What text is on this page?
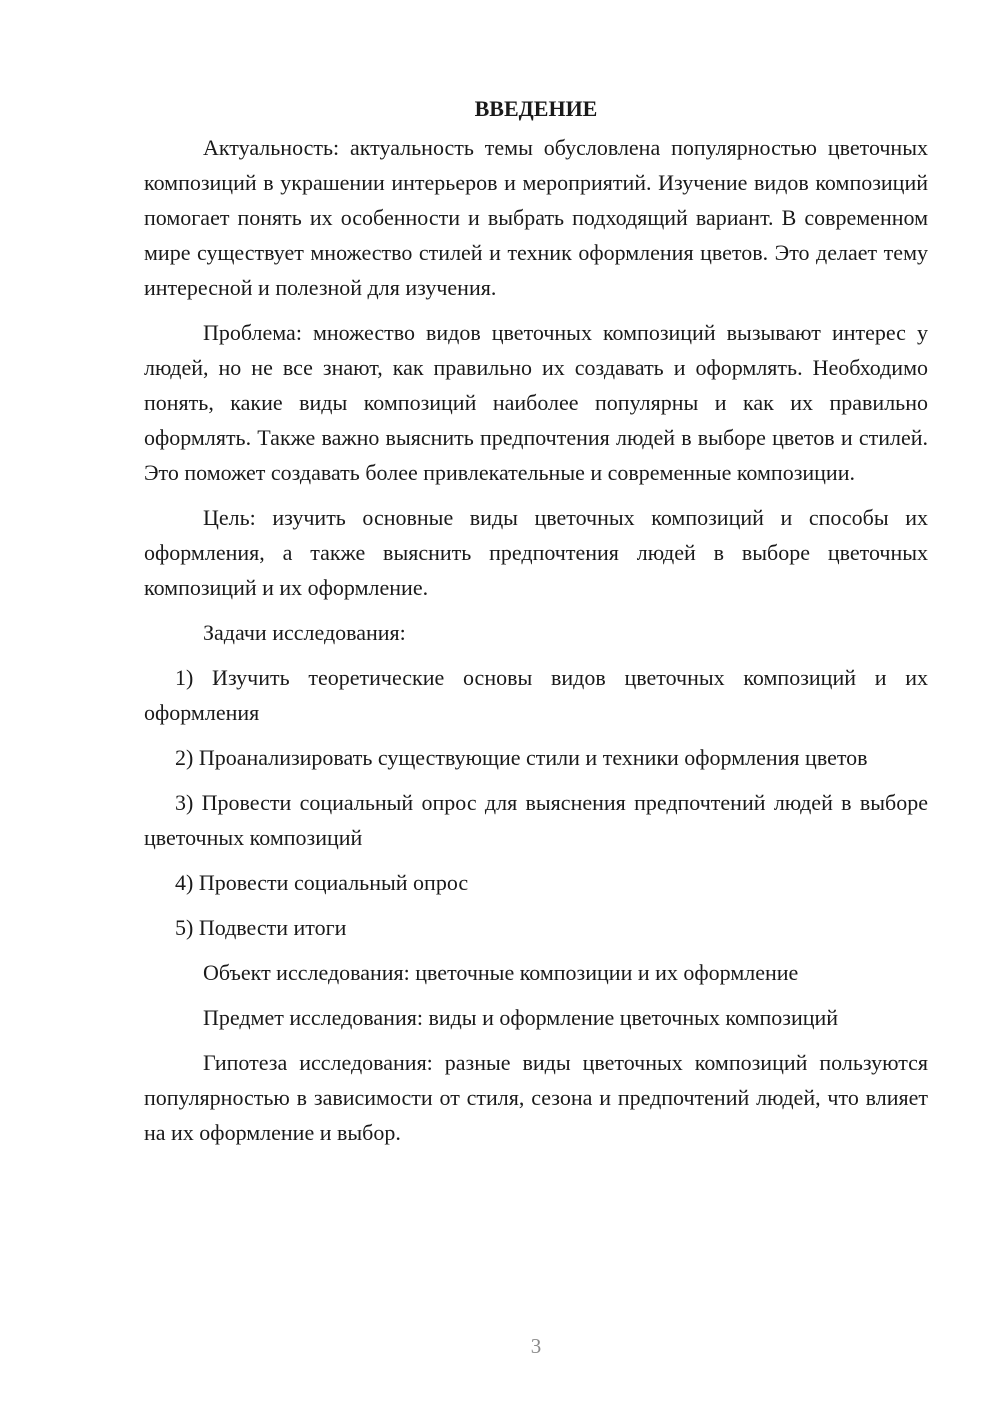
ВВЕДЕНИЕ

Актуальность: актуальность темы обусловлена популярностью цветочных композиций в украшении интерьеров и мероприятий. Изучение видов композиций помогает понять их особенности и выбрать подходящий вариант. В современном мире существует множество стилей и техник оформления цветов. Это делает тему интересной и полезной для изучения.

Проблема: множество видов цветочных композиций вызывают интерес у людей, но не все знают, как правильно их создавать и оформлять. Необходимо понять, какие виды композиций наиболее популярны и как их правильно оформлять. Также важно выяснить предпочтения людей в выборе цветов и стилей. Это поможет создавать более привлекательные и современные композиции.

Цель: изучить основные виды цветочных композиций и способы их оформления, а также выяснить предпочтения людей в выборе цветочных композиций и их оформление.

Задачи исследования:

1) Изучить теоретические основы видов цветочных композиций и их оформления

2) Проанализировать существующие стили и техники оформления цветов

3) Провести социальный опрос для выяснения предпочтений людей в выборе цветочных композиций

4) Провести социальный опрос

5) Подвести итоги

Объект исследования: цветочные композиции и их оформление

Предмет исследования: виды и оформление цветочных композиций

Гипотеза исследования: разные виды цветочных композиций пользуются популярностью в зависимости от стиля, сезона и предпочтений людей, что влияет на их оформление и выбор.

3
